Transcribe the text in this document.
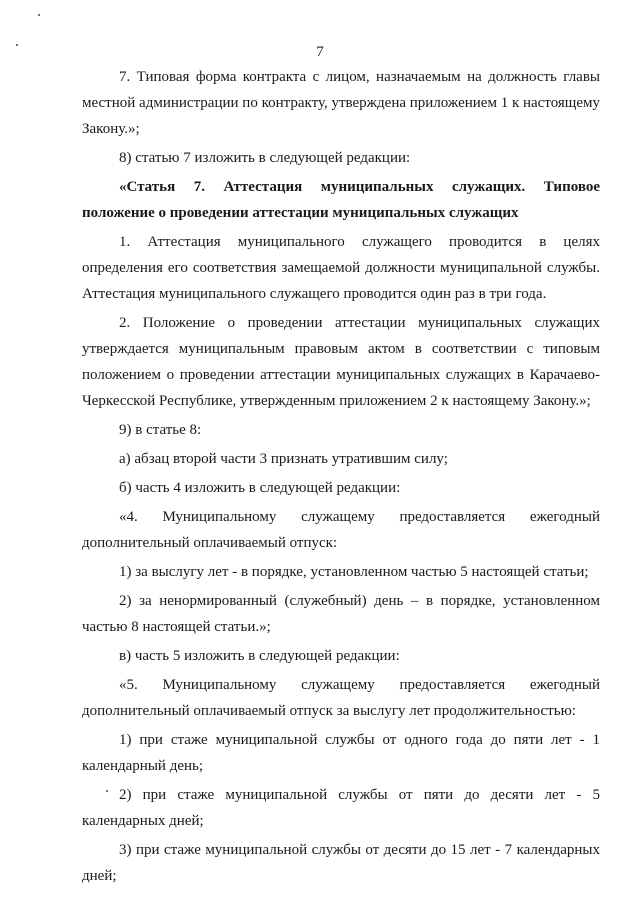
7

7. Типовая форма контракта с лицом, назначаемым на должность главы местной администрации по контракту, утверждена приложением 1 к настоящему Закону.»;

8) статью 7 изложить в следующей редакции:

«Статья 7. Аттестация муниципальных служащих. Типовое положение о проведении аттестации муниципальных служащих

1. Аттестация муниципального служащего проводится в целях определения его соответствия замещаемой должности муниципальной службы. Аттестация муниципального служащего проводится один раз в три года.

2. Положение о проведении аттестации муниципальных служащих утверждается муниципальным правовым актом в соответствии с типовым положением о проведении аттестации муниципальных служащих в Карачаево-Черкесской Республике, утвержденным приложением 2 к настоящему Закону.»;

9) в статье 8:

а) абзац второй части 3 признать утратившим силу;

б) часть 4 изложить в следующей редакции:

«4. Муниципальному служащему предоставляется ежегодный дополнительный оплачиваемый отпуск:

1) за выслугу лет - в порядке, установленном частью 5 настоящей статьи;

2) за ненормированный (служебный) день – в порядке, установленном частью 8 настоящей статьи.»;

в) часть 5 изложить в следующей редакции:

«5. Муниципальному служащему предоставляется ежегодный дополнительный оплачиваемый отпуск за выслугу лет продолжительностью:

1) при стаже муниципальной службы от одного года до пяти лет - 1 календарный день;

2) при стаже муниципальной службы от пяти до десяти лет - 5 календарных дней;

3) при стаже муниципальной службы от десяти до 15 лет - 7 календарных дней;
